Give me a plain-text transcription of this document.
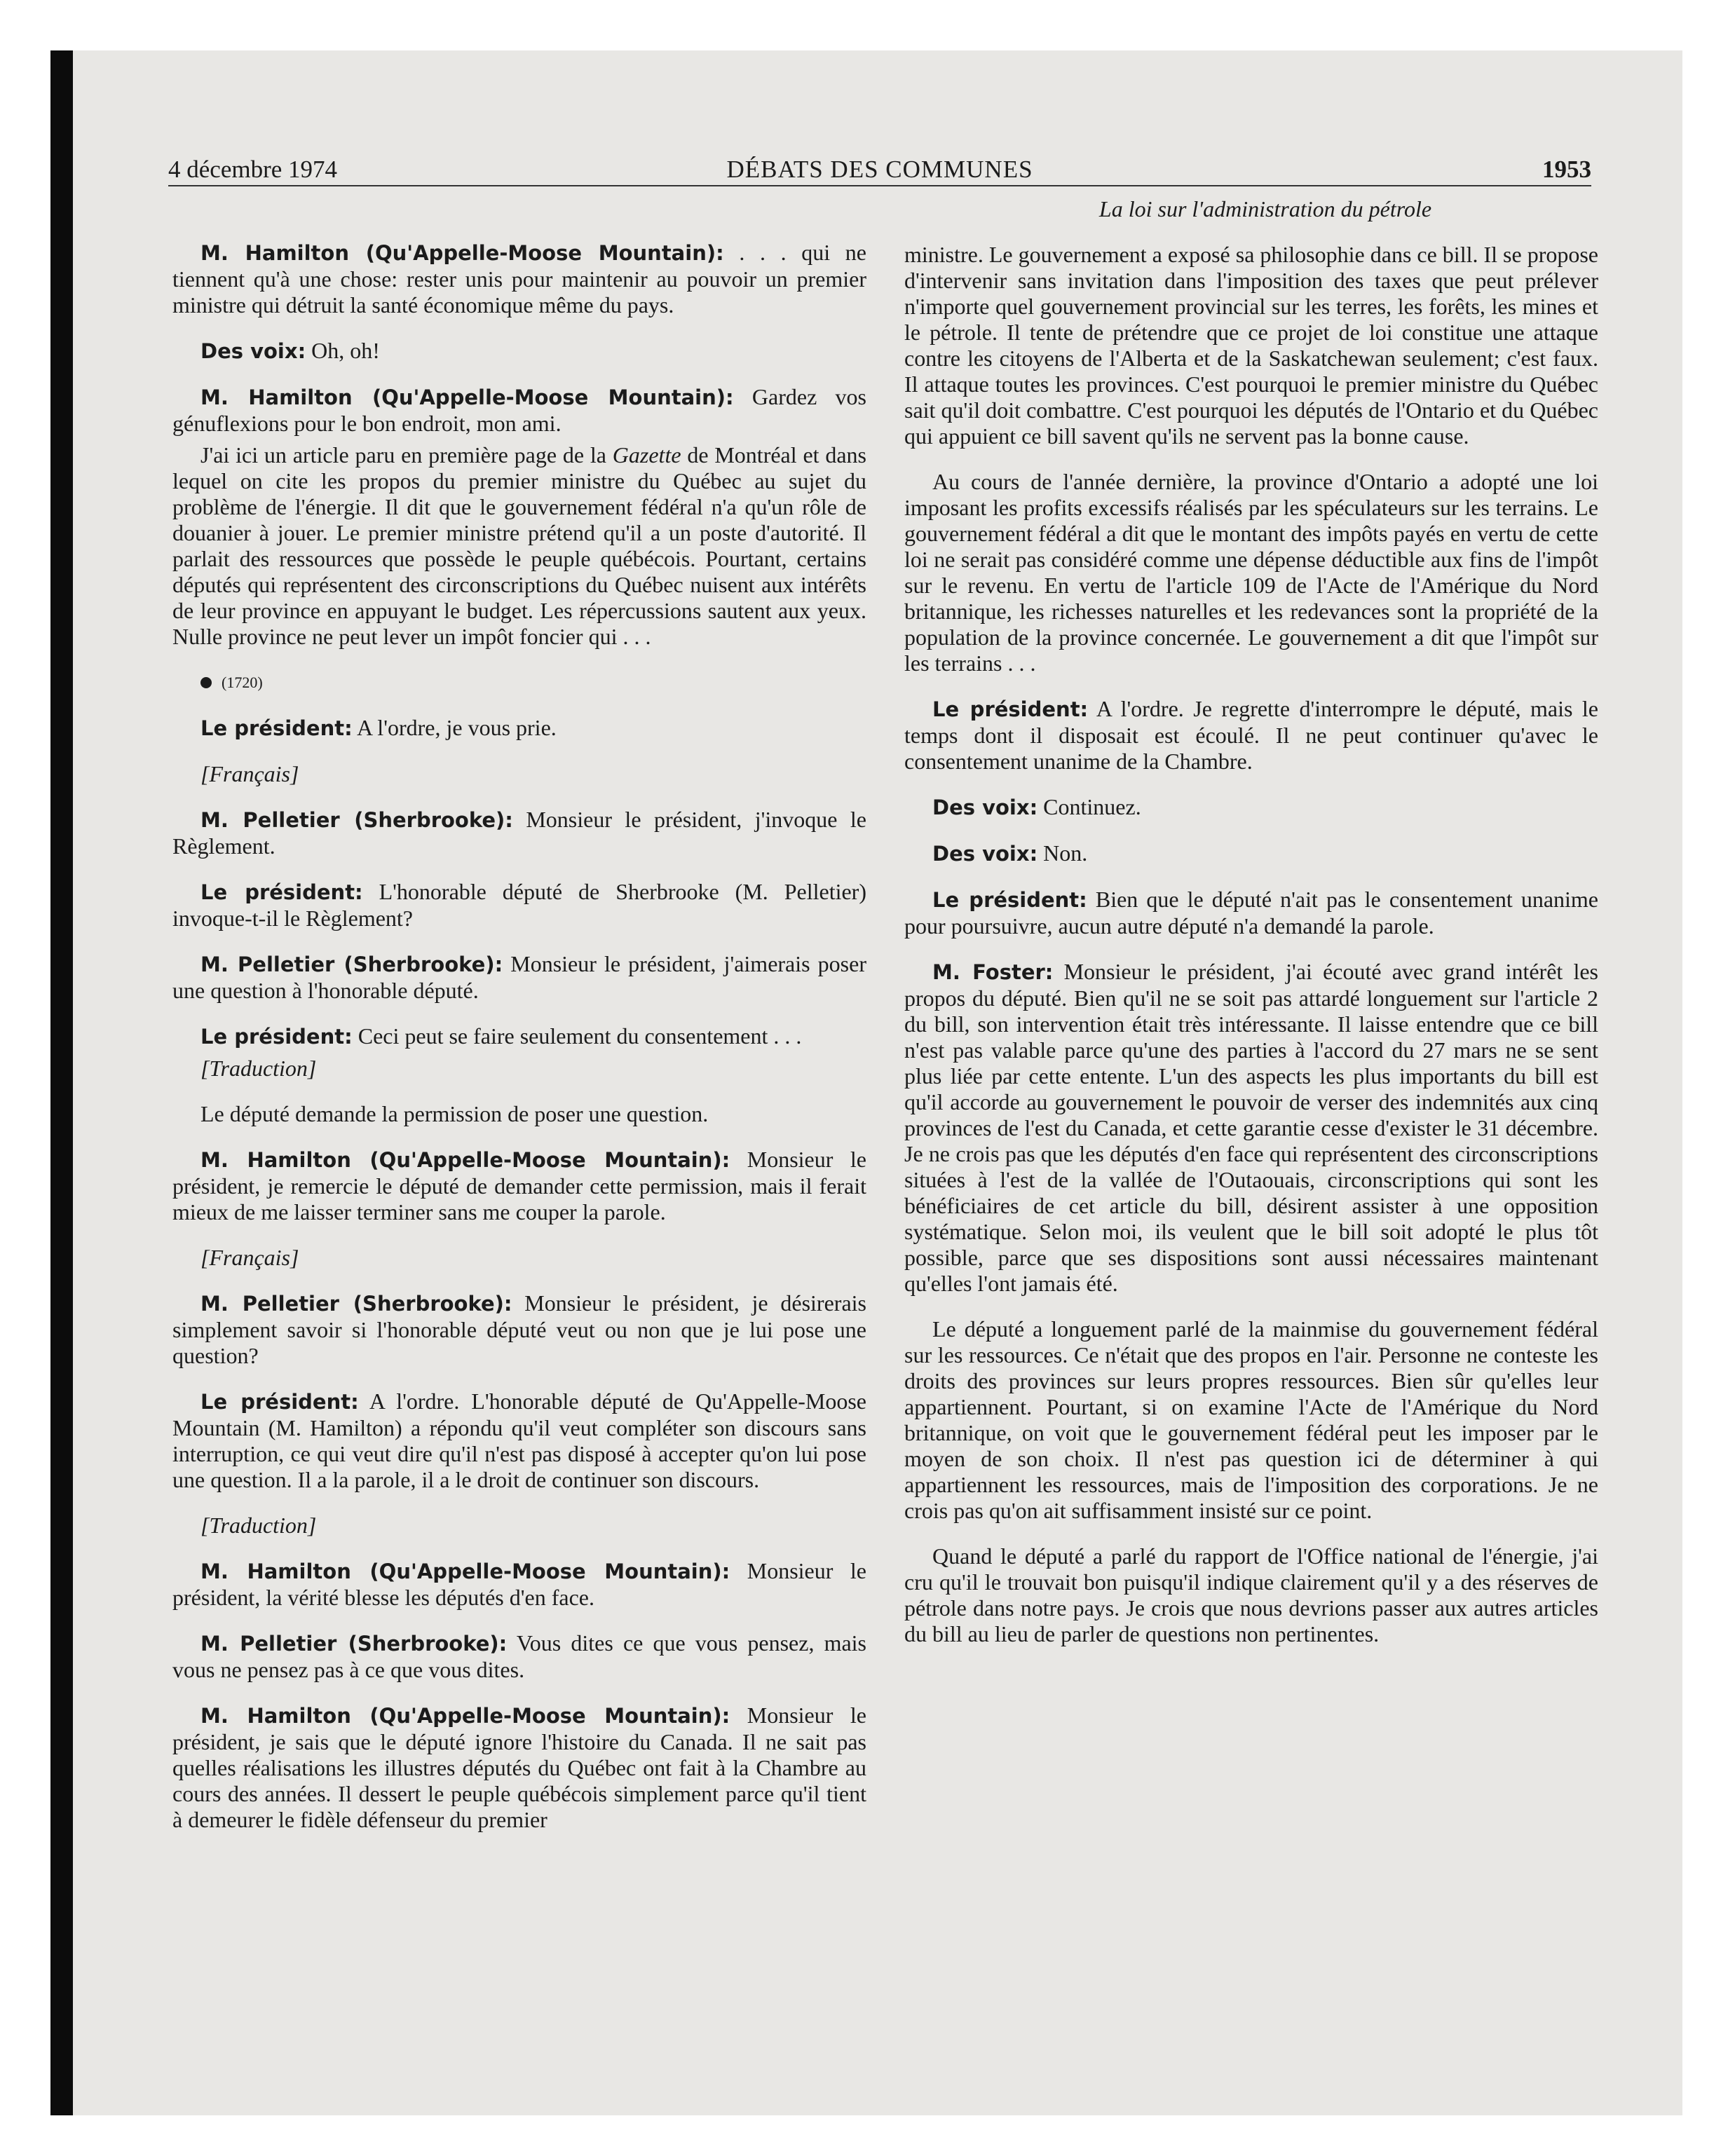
4 décembre 1974	DÉBATS DES COMMUNES	1953

M. Hamilton (Qu'Appelle-Moose Mountain): . . . qui ne tiennent qu'à une chose: rester unis pour maintenir au pouvoir un premier ministre qui détruit la santé économique même du pays.

Des voix: Oh, oh!

M. Hamilton (Qu'Appelle-Moose Mountain): Gardez vos génuflexions pour le bon endroit, mon ami.

J'ai ici un article paru en première page de la Gazette de Montréal et dans lequel on cite les propos du premier ministre du Québec au sujet du problème de l'énergie. Il dit que le gouvernement fédéral n'a qu'un rôle de douanier à jouer. Le premier ministre prétend qu'il a un poste d'autorité. Il parlait des ressources que possède le peuple québécois. Pourtant, certains députés qui représentent des circonscriptions du Québec nuisent aux intérêts de leur province en appuyant le budget. Les répercussions sautent aux yeux. Nulle province ne peut lever un impôt foncier qui . . .

(1720)

Le président: A l'ordre, je vous prie.

[Français]

M. Pelletier (Sherbrooke): Monsieur le président, j'invoque le Règlement.

Le président: L'honorable député de Sherbrooke (M. Pelletier) invoque-t-il le Règlement?

M. Pelletier (Sherbrooke): Monsieur le président, j'aimerais poser une question à l'honorable député.

Le président: Ceci peut se faire seulement du consentement . . .

[Traduction]

Le député demande la permission de poser une question.

M. Hamilton (Qu'Appelle-Moose Mountain): Monsieur le président, je remercie le député de demander cette permission, mais il ferait mieux de me laisser terminer sans me couper la parole.

[Français]

M. Pelletier (Sherbrooke): Monsieur le président, je désirerais simplement savoir si l'honorable député veut ou non que je lui pose une question?

Le président: A l'ordre. L'honorable député de Qu'Appelle-Moose Mountain (M. Hamilton) a répondu qu'il veut compléter son discours sans interruption, ce qui veut dire qu'il n'est pas disposé à accepter qu'on lui pose une question. Il a la parole, il a le droit de continuer son discours.

[Traduction]

M. Hamilton (Qu'Appelle-Moose Mountain): Monsieur le président, la vérité blesse les députés d'en face.

M. Pelletier (Sherbrooke): Vous dites ce que vous pensez, mais vous ne pensez pas à ce que vous dites.

M. Hamilton (Qu'Appelle-Moose Mountain): Monsieur le président, je sais que le député ignore l'histoire du Canada. Il ne sait pas quelles réalisations les illustres députés du Québec ont fait à la Chambre au cours des années. Il dessert le peuple québécois simplement parce qu'il tient à demeurer le fidèle défenseur du premier

La loi sur l'administration du pétrole

ministre. Le gouvernement a exposé sa philosophie dans ce bill. Il se propose d'intervenir sans invitation dans l'imposition des taxes que peut prélever n'importe quel gouvernement provincial sur les terres, les forêts, les mines et le pétrole. Il tente de prétendre que ce projet de loi constitue une attaque contre les citoyens de l'Alberta et de la Saskatchewan seulement; c'est faux. Il attaque toutes les provinces. C'est pourquoi le premier ministre du Québec sait qu'il doit combattre. C'est pourquoi les députés de l'Ontario et du Québec qui appuient ce bill savent qu'ils ne servent pas la bonne cause.

Au cours de l'année dernière, la province d'Ontario a adopté une loi imposant les profits excessifs réalisés par les spéculateurs sur les terrains. Le gouvernement fédéral a dit que le montant des impôts payés en vertu de cette loi ne serait pas considéré comme une dépense déductible aux fins de l'impôt sur le revenu. En vertu de l'article 109 de l'Acte de l'Amérique du Nord britannique, les richesses naturelles et les redevances sont la propriété de la population de la province concernée. Le gouvernement a dit que l'impôt sur les terrains . . .

Le président: A l'ordre. Je regrette d'interrompre le député, mais le temps dont il disposait est écoulé. Il ne peut continuer qu'avec le consentement unanime de la Chambre.

Des voix: Continuez.

Des voix: Non.

Le président: Bien que le député n'ait pas le consentement unanime pour poursuivre, aucun autre député n'a demandé la parole.

M. Foster: Monsieur le président, j'ai écouté avec grand intérêt les propos du député. Bien qu'il ne se soit pas attardé longuement sur l'article 2 du bill, son intervention était très intéressante. Il laisse entendre que ce bill n'est pas valable parce qu'une des parties à l'accord du 27 mars ne se sent plus liée par cette entente. L'un des aspects les plus importants du bill est qu'il accorde au gouvernement le pouvoir de verser des indemnités aux cinq provinces de l'est du Canada, et cette garantie cesse d'exister le 31 décembre. Je ne crois pas que les députés d'en face qui représentent des circonscriptions situées à l'est de la vallée de l'Outaouais, circonscriptions qui sont les bénéficiaires de cet article du bill, désirent assister à une opposition systématique. Selon moi, ils veulent que le bill soit adopté le plus tôt possible, parce que ses dispositions sont aussi nécessaires maintenant qu'elles l'ont jamais été.

Le député a longuement parlé de la mainmise du gouvernement fédéral sur les ressources. Ce n'était que des propos en l'air. Personne ne conteste les droits des provinces sur leurs propres ressources. Bien sûr qu'elles leur appartiennent. Pourtant, si on examine l'Acte de l'Amérique du Nord britannique, on voit que le gouvernement fédéral peut les imposer par le moyen de son choix. Il n'est pas question ici de déterminer à qui appartiennent les ressources, mais de l'imposition des corporations. Je ne crois pas qu'on ait suffisamment insisté sur ce point.

Quand le député a parlé du rapport de l'Office national de l'énergie, j'ai cru qu'il le trouvait bon puisqu'il indique clairement qu'il y a des réserves de pétrole dans notre pays. Je crois que nous devrions passer aux autres articles du bill au lieu de parler de questions non pertinentes.
